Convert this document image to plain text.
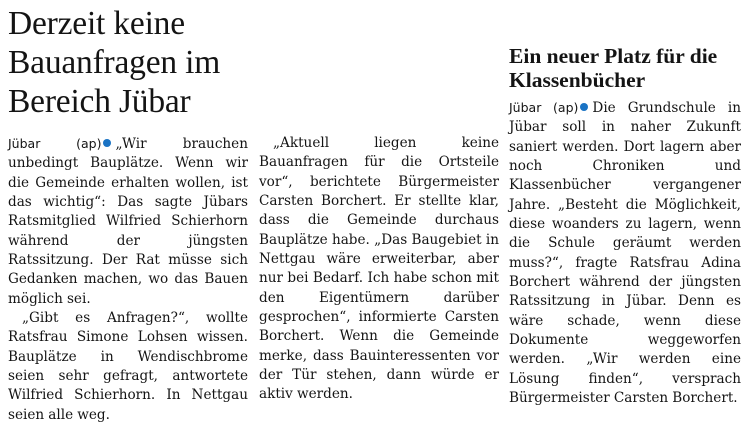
Derzeit keine Bauanfragen im Bereich Jübar

Jübar (ap) „Wir brauchen unbedingt Bauplätze. Wenn wir die Gemeinde erhalten wollen, ist das wichtig“: Das sagte Jübars Ratsmitglied Wilfried Schierhorn während der jüngsten Ratssitzung. Der Rat müsse sich Gedanken machen, wo das Bauen möglich sei.

„Gibt es Anfragen?“, wollte Ratsfrau Simone Lohsen wissen. Bauplätze in Wendischbrome seien sehr gefragt, antwortete Wilfried Schierhorn. In Nettgau seien alle weg.

„Aktuell liegen keine Bauanfragen für die Ortsteile vor“, berichtete Bürgermeister Carsten Borchert. Er stellte klar, dass die Gemeinde durchaus Bauplätze habe. „Das Baugebiet in Nettgau wäre erweiterbar, aber nur bei Bedarf. Ich habe schon mit den Eigentümern darüber gesprochen“, informierte Carsten Borchert. Wenn die Gemeinde merke, dass Bauinteressenten vor der Tür stehen, dann würde er aktiv werden.

Ein neuer Platz für die Klassenbücher

Jübar (ap) Die Grundschule in Jübar soll in naher Zukunft saniert werden. Dort lagern aber noch Chroniken und Klassenbücher vergangener Jahre. „Besteht die Möglichkeit, diese woanders zu lagern, wenn die Schule geräumt werden muss?“, fragte Ratsfrau Adina Borchert während der jüngsten Ratssitzung in Jübar. Denn es wäre schade, wenn diese Dokumente weggeworfen werden. „Wir werden eine Lösung finden“, versprach Bürgermeister Carsten Borchert.
